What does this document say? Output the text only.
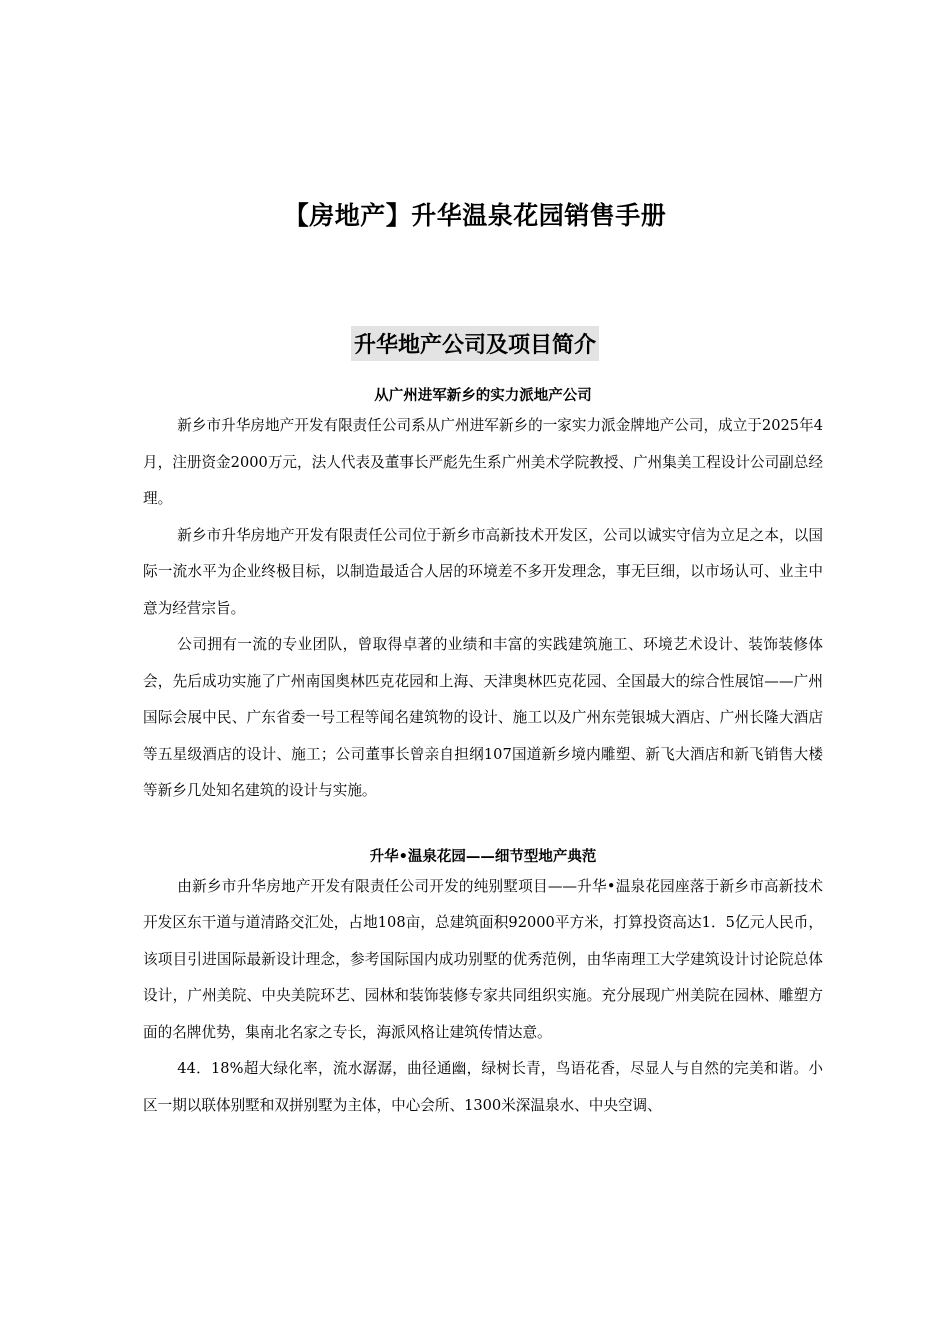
【房地产】升华温泉花园销售手册
升华地产公司及项目简介

从广州进军新乡的实力派地产公司

新乡市升华房地产开发有限责任公司系从广州进军新乡的一家实力派金牌地产公司，成立于2025年4月，注册资金2000万元，法人代表及董事长严彪先生系广州美术学院教授、广州集美工程设计公司副总经理。

新乡市升华房地产开发有限责任公司位于新乡市高新技术开发区，公司以诚实守信为立足之本，以国际一流水平为企业终极目标，以制造最适合人居的环境差不多开发理念，事无巨细，以市场认可、业主中意为经营宗旨。

公司拥有一流的专业团队，曾取得卓著的业绩和丰富的实践建筑施工、环境艺术设计、装饰装修体会，先后成功实施了广州南国奥林匹克花园和上海、天津奥林匹克花园、全国最大的综合性展馆——广州国际会展中民、广东省委一号工程等闻名建筑物的设计、施工以及广州东莞银城大酒店、广州长隆大酒店等五星级酒店的设计、施工；公司董事长曾亲自担纲107国道新乡境内雕塑、新飞大酒店和新飞销售大楼等新乡几处知名建筑的设计与实施。

升华•温泉花园——细节型地产典范

由新乡市升华房地产开发有限责任公司开发的纯别墅项目——升华•温泉花园座落于新乡市高新技术开发区东干道与道清路交汇处，占地108亩，总建筑面积92000平方米，打算投资高达1．5亿元人民币，该项目引进国际最新设计理念，参考国际国内成功别墅的优秀范例，由华南理工大学建筑设计讨论院总体设计，广州美院、中央美院环艺、园林和装饰装修专家共同组织实施。充分展现广州美院在园林、雕塑方面的名牌优势，集南北名家之专长，海派风格让建筑传情达意。

44．18%超大绿化率，流水潺潺，曲径通幽，绿树长青，鸟语花香，尽显人与自然的完美和谐。小区一期以联体别墅和双拼别墅为主体，中心会所、1300米深温泉水、中央空调、
